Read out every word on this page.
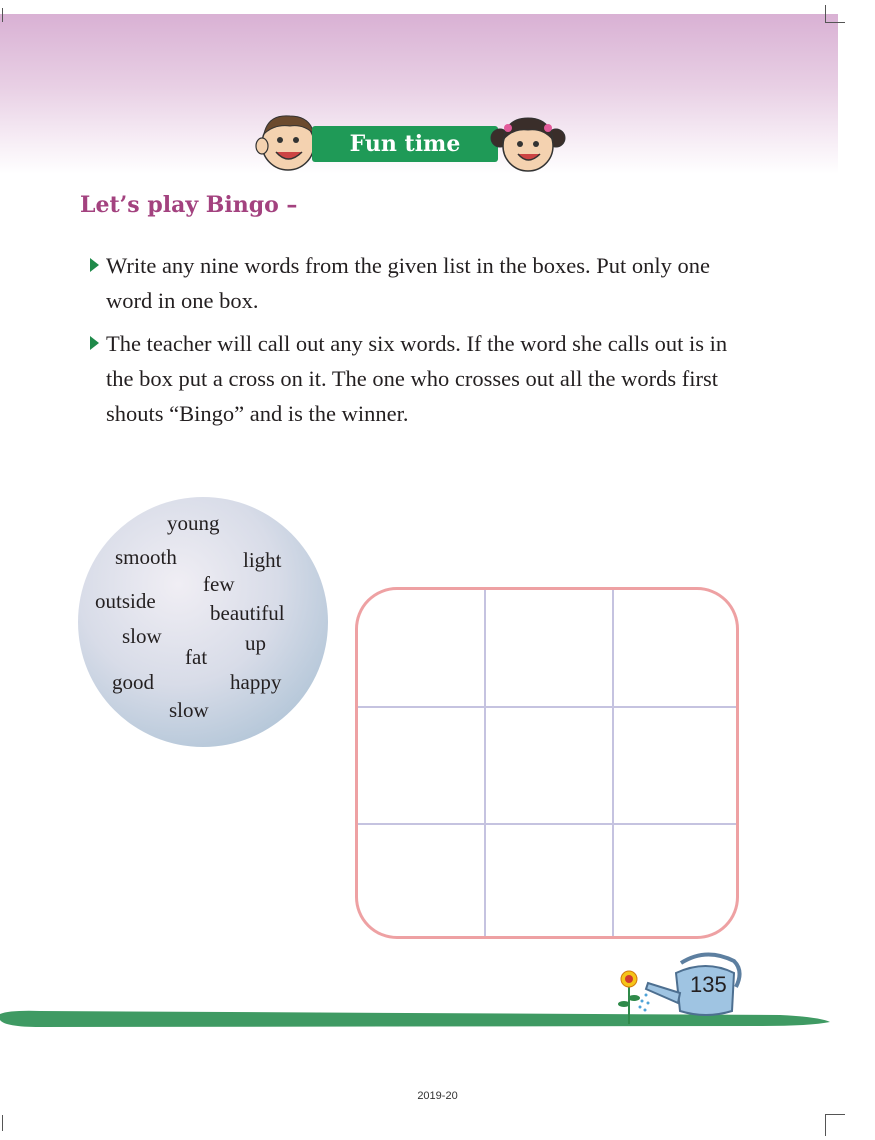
Fun time
Let’s play Bingo –
Write any nine words from the given list in the boxes. Put only one word in one box.
The teacher will call out any six words. If the word she calls out is in the box put a cross on it. The one who crosses out all the words first shouts “Bingo” and is the winner.
young
smooth	light
few
outside	beautiful
slow	up
fat
good	happy
slow
135
2019-20
